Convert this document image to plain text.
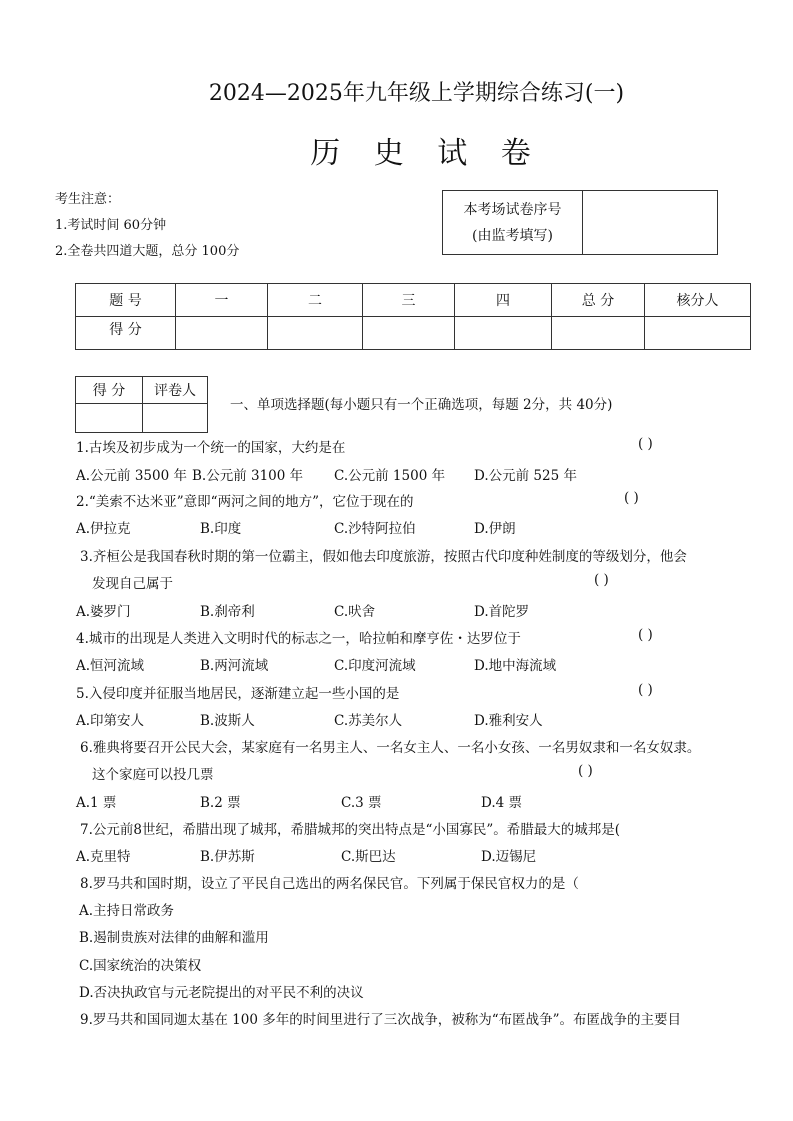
2024—2025年九年级上学期综合练习(一)
历 史 试 卷
考生注意：
1.考试时间 60分钟
2.全卷共四道大题，总分 100分
本考场试卷序号
(由监考填写)

题 号	一	二	三	四	总 分	核分人
得 分						
得 分	评卷人

一、单项选择题(每小题只有一个正确选项，每题 2分，共 40分)
1.古埃及初步成为一个统一的国家，大约是在	( )
A.公元前 3500 年 B.公元前 3100 年 C.公元前 1500 年 D.公元前 525 年
2.“美索不达米亚”意即“两河之间的地方”，它位于现在的	( )
A.伊拉克	B.印度	C.沙特阿拉伯	D.伊朗
3.齐桓公是我国春秋时期的第一位霸主，假如他去印度旅游，按照古代印度种姓制度的等级划分，他会
发现自己属于	( )
A.婆罗门	B.刹帝利	C.吠舍	D.首陀罗
4.城市的出现是人类进入文明时代的标志之一，哈拉帕和摩亨佐・达罗位于	( )
A.恒河流域	B.两河流域	C.印度河流域	D.地中海流域
5.入侵印度并征服当地居民，逐渐建立起一些小国的是	( )
A.印第安人	B.波斯人	C.苏美尔人	D.雅利安人
6.雅典将要召开公民大会，某家庭有一名男主人、一名女主人、一名小女孩、一名男奴隶和一名女奴隶。
这个家庭可以投几票	( )
A.1 票	B.2 票	C.3 票	D.4 票
7.公元前8世纪，希腊出现了城邦，希腊城邦的突出特点是“小国寡民”。希腊最大的城邦是(
A.克里特	B.伊苏斯	C.斯巴达	D.迈锡尼
8.罗马共和国时期，设立了平民自己选出的两名保民官。下列属于保民官权力的是（
A.主持日常政务
B.遏制贵族对法律的曲解和滥用
C.国家统治的决策权
D.否决执政官与元老院提出的对平民不利的决议
9.罗马共和国同迦太基在 100 多年的时间里进行了三次战争，被称为“布匿战争”。布匿战争的主要目
